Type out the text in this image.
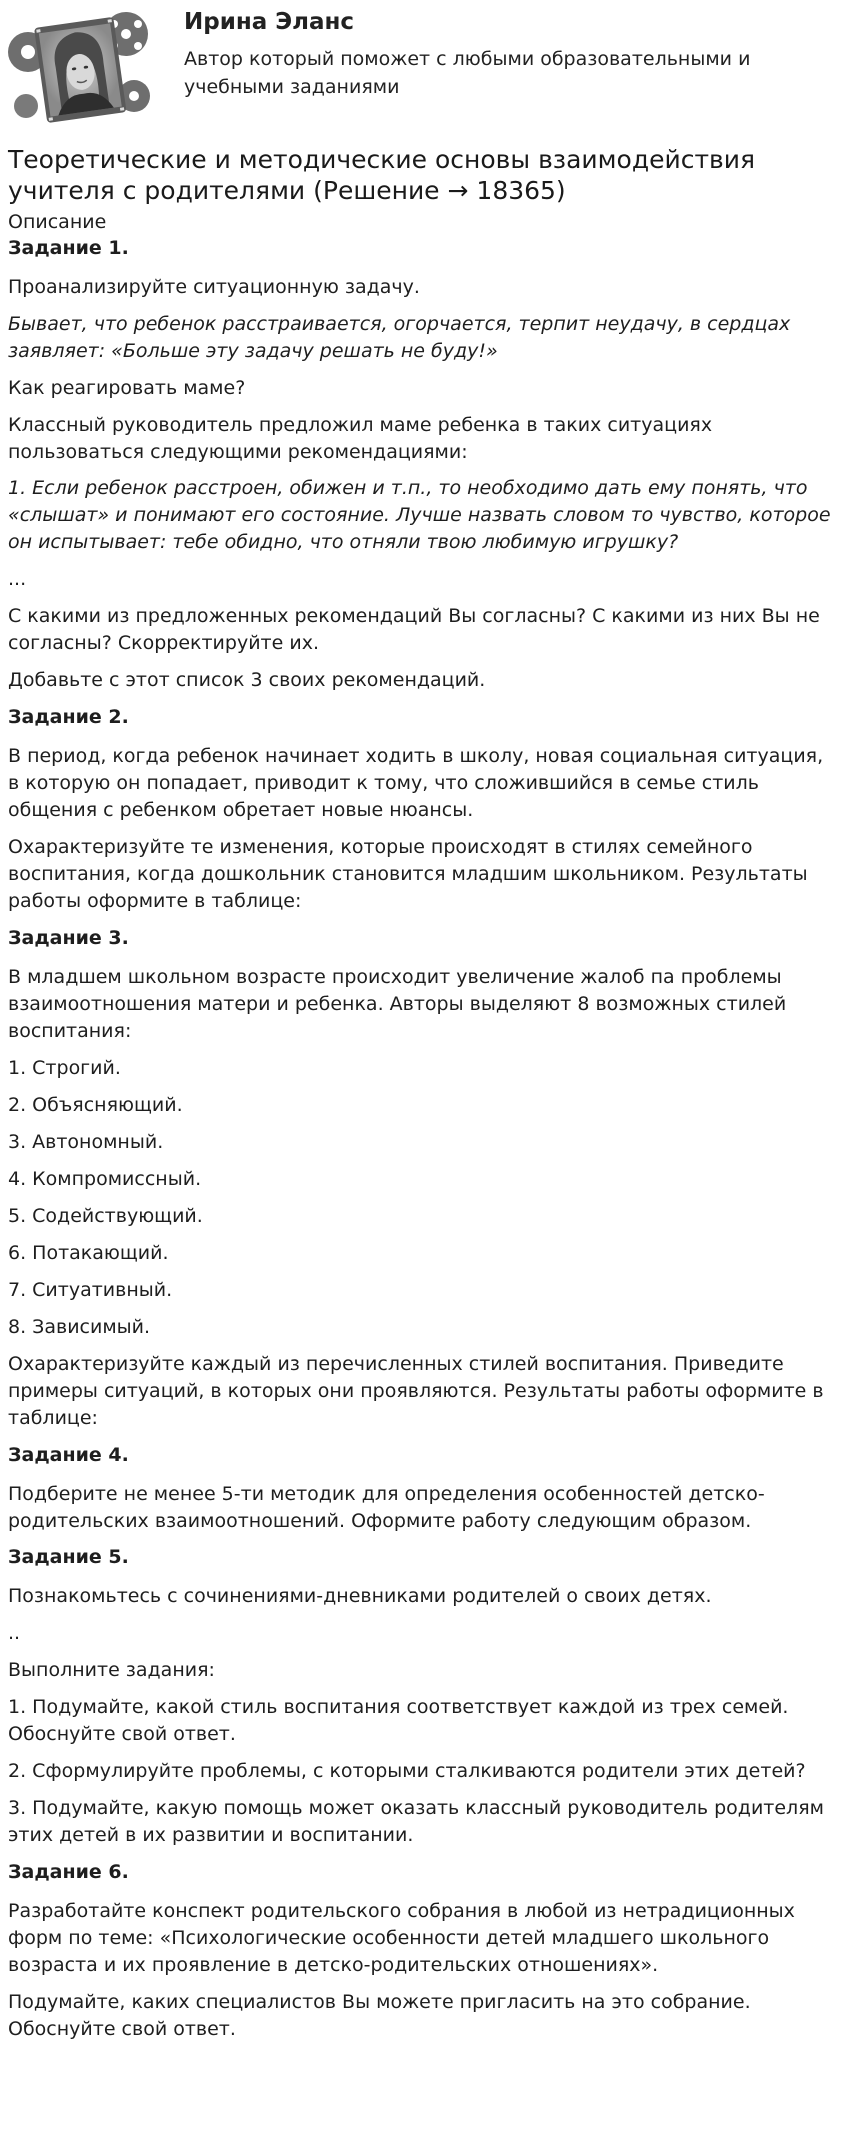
Ирина Эланс

Автор который поможет с любыми образовательными и учебными заданиями

Теоретические и методические основы взаимодействия учителя с родителями (Решение → 18365)

Описание

Задание 1.

Проанализируйте ситуационную задачу.

Бывает, что ребенок расстраивается, огорчается, терпит неудачу, в сердцах заявляет: «Больше эту задачу решать не буду!»

Как реагировать маме?

Классный руководитель предложил маме ребенка в таких ситуациях пользоваться следующими рекомендациями:

1. Если ребенок расстроен, обижен и т.п., то необходимо дать ему понять, что «слышат» и понимают его состояние. Лучше назвать словом то чувство, которое он испытывает: тебе обидно, что отняли твою любимую игрушку?

...

С какими из предложенных рекомендаций Вы согласны? С какими из них Вы не согласны? Скорректируйте их.

Добавьте с этот список 3 своих рекомендаций.

Задание 2.

В период, когда ребенок начинает ходить в школу, новая социальная ситуация, в которую он попадает, приводит к тому, что сложившийся в семье стиль общения с ребенком обретает новые нюансы.

Охарактеризуйте те изменения, которые происходят в стилях семейного воспитания, когда дошкольник становится младшим школьником. Результаты работы оформите в таблице:

Задание 3.

В младшем школьном возрасте происходит увеличение жалоб па проблемы взаимоотношения матери и ребенка. Авторы выделяют 8 возможных стилей воспитания:

1. Строгий.

2. Объясняющий.

3. Автономный.

4. Компромиссный.

5. Содействующий.

6. Потакающий.

7. Ситуативный.

8. Зависимый.

Охарактеризуйте каждый из перечисленных стилей воспитания. Приведите примеры ситуаций, в которых они проявляются. Результаты работы оформите в таблице:

Задание 4.

Подберите не менее 5-ти методик для определения особенностей детско-родительских взаимоотношений. Оформите работу следующим образом.

Задание 5.

Познакомьтесь с сочинениями-дневниками родителей о своих детях.

..

Выполните задания:

1. Подумайте, какой стиль воспитания соответствует каждой из трех семей. Обоснуйте свой ответ.

2. Сформулируйте проблемы, с которыми сталкиваются родители этих детей?

3. Подумайте, какую помощь может оказать классный руководитель родителям этих детей в их развитии и воспитании.

Задание 6.

Разработайте конспект родительского собрания в любой из нетрадиционных форм по теме: «Психологические особенности детей младшего школьного возраста и их проявление в детско-родительских отношениях».

Подумайте, каких специалистов Вы можете пригласить на это собрание. Обоснуйте свой ответ.
